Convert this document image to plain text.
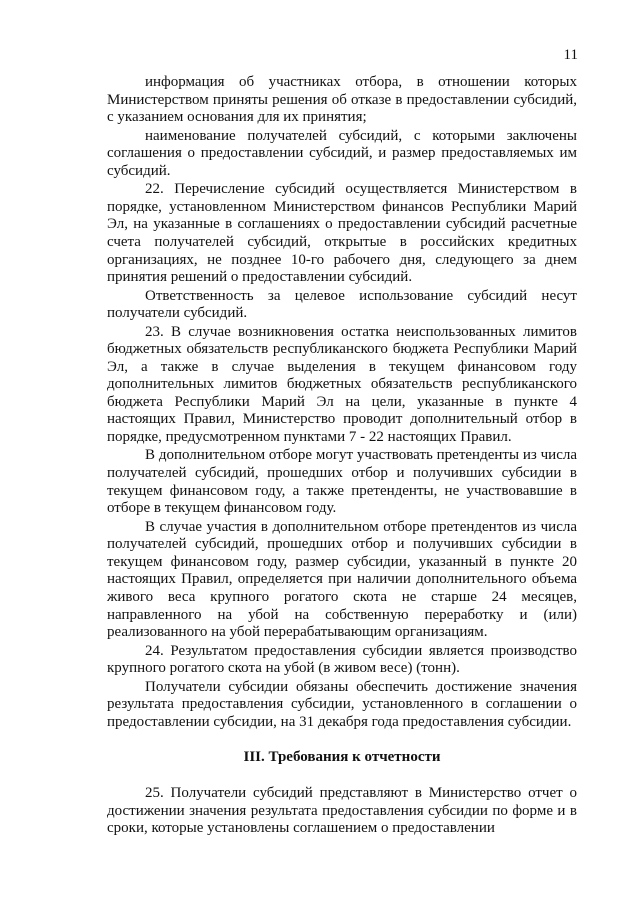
11

информация об участниках отбора, в отношении которых Министерством приняты решения об отказе в предоставлении субсидий, с указанием основания для их принятия;

наименование получателей субсидий, с которыми заключены соглашения о предоставлении субсидий, и размер предоставляемых им субсидий.

22. Перечисление субсидий осуществляется Министерством в порядке, установленном Министерством финансов Республики Марий Эл, на указанные в соглашениях о предоставлении субсидий расчетные счета получателей субсидий, открытые в российских кредитных организациях, не позднее 10-го рабочего дня, следующего за днем принятия решений о предоставлении субсидий.

Ответственность за целевое использование субсидий несут получатели субсидий.

23. В случае возникновения остатка неиспользованных лимитов бюджетных обязательств республиканского бюджета Республики Марий Эл, а также в случае выделения в текущем финансовом году дополнительных лимитов бюджетных обязательств республиканского бюджета Республики Марий Эл на цели, указанные в пункте 4 настоящих Правил, Министерство проводит дополнительный отбор в порядке, предусмотренном пунктами 7 - 22 настоящих Правил.

В дополнительном отборе могут участвовать претенденты из числа получателей субсидий, прошедших отбор и получивших субсидии в текущем финансовом году, а также претенденты, не участвовавшие в отборе в текущем финансовом году.

В случае участия в дополнительном отборе претендентов из числа получателей субсидий, прошедших отбор и получивших субсидии в текущем финансовом году, размер субсидии, указанный в пункте 20 настоящих Правил, определяется при наличии дополнительного объема живого веса крупного рогатого скота не старше 24 месяцев, направленного на убой на собственную переработку и (или) реализованного на убой перерабатывающим организациям.

24. Результатом предоставления субсидии является производство крупного рогатого скота на убой (в живом весе) (тонн).

Получатели субсидии обязаны обеспечить достижение значения результата предоставления субсидии, установленного в соглашении о предоставлении субсидии, на 31 декабря года предоставления субсидии.

III. Требования к отчетности

25. Получатели субсидий представляют в Министерство отчет о достижении значения результата предоставления субсидии по форме и в сроки, которые установлены соглашением о предоставлении
